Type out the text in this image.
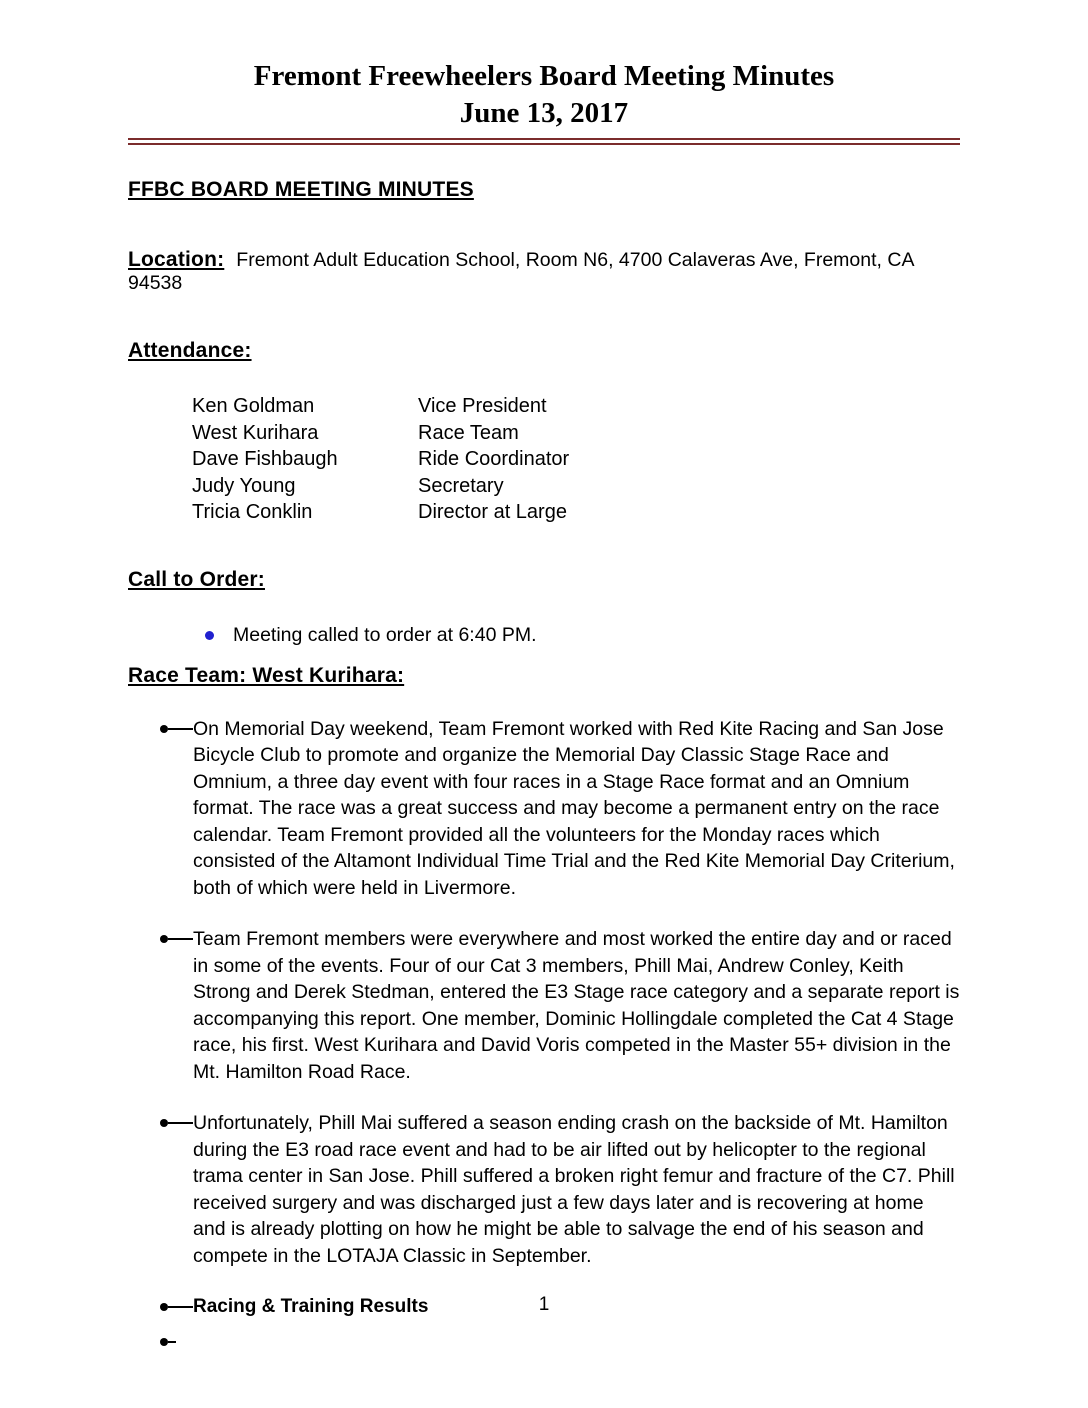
Fremont Freewheelers Board Meeting Minutes
June 13, 2017
FFBC BOARD MEETING MINUTES
Location: Fremont Adult Education School, Room N6, 4700 Calaveras Ave, Fremont, CA 94538
Attendance:
Ken Goldman	Vice President
West Kurihara	Race Team
Dave Fishbaugh	Ride Coordinator
Judy Young	Secretary
Tricia Conklin	Director at Large
Call to Order:
Meeting called to order at 6:40 PM.
Race Team: West Kurihara:

On Memorial Day weekend, Team Fremont worked with Red Kite Racing and San Jose Bicycle Club to promote and organize the Memorial Day Classic Stage Race and Omnium, a three day event with four races in a Stage Race format and an Omnium format. The race was a great success and may become a permanent entry on the race calendar. Team Fremont provided all the volunteers for the Monday races which consisted of the Altamont Individual Time Trial and the Red Kite Memorial Day Criterium, both of which were held in Livermore.

Team Fremont members were everywhere and most worked the entire day and or raced in some of the events. Four of our Cat 3 members, Phill Mai, Andrew Conley, Keith Strong and Derek Stedman, entered the E3 Stage race category and a separate report is accompanying this report. One member, Dominic Hollingdale completed the Cat 4 Stage race, his first. West Kurihara and David Voris competed in the Master 55+ division in the Mt. Hamilton Road Race.

Unfortunately, Phill Mai suffered a season ending crash on the backside of Mt. Hamilton during the E3 road race event and had to be air lifted out by helicopter to the regional trama center in San Jose. Phill suffered a broken right femur and fracture of the C7. Phill received surgery and was discharged just a few days later and is recovering at home and is already plotting on how he might be able to salvage the end of his season and compete in the LOTAJA Classic in September.

Racing & Training Results	1
